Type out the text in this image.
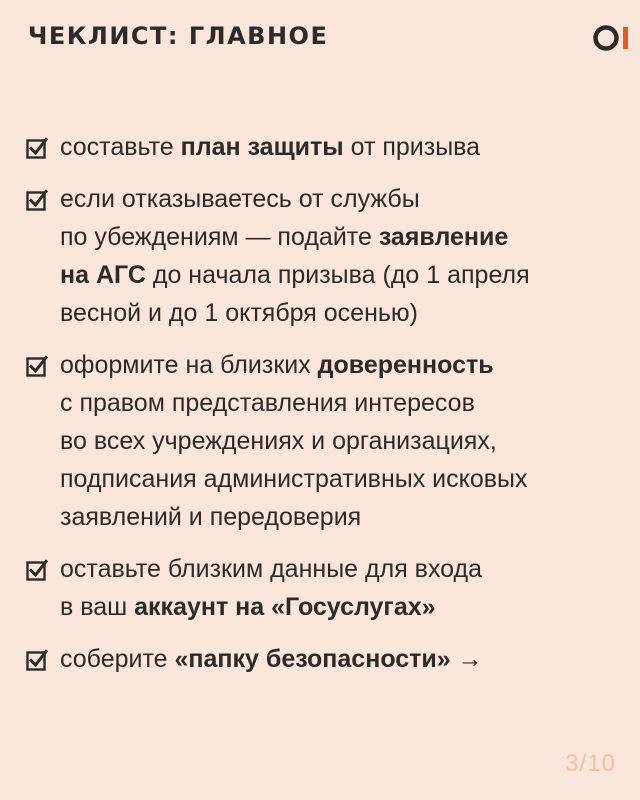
ЧЕКЛИСТ: ГЛАВНОЕ
составьте план защиты от призыва
если отказываетесь от службы
по убеждениям — подайте заявление
на АГС до начала призыва (до 1 апреля
весной и до 1 октября осенью)
оформите на близких доверенность
с правом представления интересов
во всех учреждениях и организациях,
подписания административных исковых
заявлений и передоверия
оставьте близким данные для входа
в ваш аккаунт на «Госуслугах»
соберите «папку безопасности» →
3/10
